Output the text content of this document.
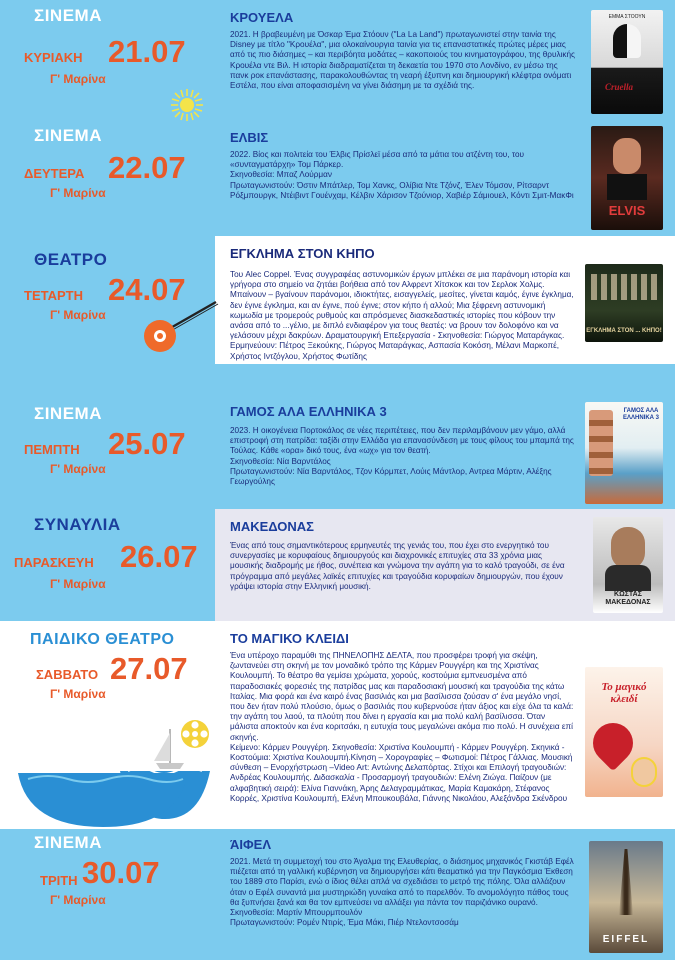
ΣΙΝΕΜΑ
ΚΥΡΙΑΚΗ 21.07
Γ' Μαρίνα
ΚΡΟΥΕΛΑ
2021. Η βραβευμένη με Όσκαρ Έμα Στόουν ("La La Land") πρωταγωνιστεί στην ταινία της Disney με τίτλο "Κρουέλα", μια ολοκαίνουργια ταινία για τις επαναστατικές πρώτες μέρες μιας από τις πιο διάσημες – και περιβόητα μοδάτες – κακοποιούς του κινηματογράφου, της θρυλικής Κρουέλα ντε Βιλ. Η ιστορία διαδραματίζεται τη δεκαετία του 1970 στο Λονδίνο, εν μέσω της πανκ ροκ επανάστασης, παρακολουθώντας τη νεαρή έξυπνη και δημιουργική κλέφτρα ονόματι Εστέλα, που είναι αποφασισμένη να γίνει διάσημη με τα σχέδιά της.
ΕΜΜΑ ΣΤΟΟΥΝ
Cruella
ΣΙΝΕΜΑ
ΔΕΥΤΕΡΑ 22.07
Γ' Μαρίνα
ΕΛΒΙΣ
2022. Βίος και πολιτεία του Έλβις Πρίσλεϊ μέσα από τα μάτια του ατζέντη του, του «συνταγματάρχη» Τομ Πάρκερ.
Σκηνοθεσία: Μπαζ Λούρμαν
Πρωταγωνιστούν: Όστιν Μπάτλερ, Τομ Χανκς, Ολίβια Ντε Τζόνζ, Έλεν Τόμσον, Ρίτσαρντ Ρόξμπουργκ, Ντέιβιντ Γουένχαμ, Κέλβιν Χάρισον Τζούνιορ, Χαβιέρ Σάμιουελ, Κόντι Σμιτ-ΜακΦι
ELVIS
ΘΕΑΤΡΟ
ΤΕΤΑΡΤΗ 24.07
Γ' Μαρίνα
ΕΓΚΛΗΜΑ ΣΤΟΝ ΚΗΠΟ
Του Alec Coppel. Ένας συγγραφέας αστυνομικών έργων μπλέκει σε μια παράνομη ιστορία και γρήγορα στο σημείο να ζητάει βοήθεια από τον Αλφρεντ Χίτσκοκ και τον Σερλοκ Χολμς. Μπαίνουν – βγαίνουν παράνομοι, ιδιοκτήτες, εισαγγελείς, μεσίτες, γίνεται καμός, έγινε έγκλημα, δεν έγινε έγκλημα, και αν έγινε, πού έγινε; στον κήπο ή αλλού; Μια ξέφρενη αστυνομική κωμωδία με τρομερούς ρυθμούς και απρόσμενες διασκεδαστικές ιστορίες που κόβουν την ανάσα από το ...γέλιο, με διπλό ενδιαφέρον για τους θεατές: να βρουν τον δολοφόνο και να γελάσουν μέχρι δακρύων. Δραματουργική Επεξεργασία - Σκηνοθεσία: Γιώργος Ματαράγκας.
Ερμηνεύουν: Πέτρος Ξεκούκης, Γιώργος Ματαράγκας, Ασπασία Κοκόση, Μέλανι Μαρκοπέ, Χρήστος Ιντζόγλου, Χρήστος Φωτίδης
ΕΓΚΛΗΜΑ ΣΤΟΝ ... ΚΗΠΟ!
ΣΙΝΕΜΑ
ΠΕΜΠΤΗ 25.07
Γ' Μαρίνα
ΓΑΜΟΣ ΑΛΑ ΕΛΛΗΝΙΚΑ 3
2023. Η οικογένεια Πορτοκάλος σε νέες περιπέτειες, που δεν περιλαμβάνουν μεν γάμο, αλλά επιστροφή στη πατρίδα: ταξίδι στην Ελλάδα για επανασύνδεση με τους φίλους του μπαμπά της Τούλας. Κάθε «ορα» δικό τους, ένα «ωχ» για τον θεατή.
Σκηνοθεσία: Νία Βαρντάλος
Πρωταγωνιστούν: Νία Βαρντάλος, Τζον Κόρμπετ, Λούις Μάντλορ, Αντρεα Μάρτιν, Αλέξης Γεωργούλης
ΓΑΜΟΣ ΑΛΑ ΕΛΛΗΝΙΚΑ 3
ΣΥΝΑΥΛΙΑ
ΠΑΡΑΣΚΕΥΗ 26.07
Γ' Μαρίνα
ΜΑΚΕΔΟΝΑΣ
Ένας από τους σημαντικότερους ερμηνευτές της γενιάς του, που έχει στο ενεργητικό του συνεργασίες με κορυφαίους δημιουργούς και διαχρονικές επιτυχίες στα 33 χρόνια μιας μουσικής διαδρομής με ήθος, συνέπεια και γνώμονα την αγάπη για το καλό τραγούδι, σε ένα πρόγραμμα από μεγάλες λαϊκές επιτυχίες και τραγούδια κορυφαίων δημιουργών, που έχουν γράψει ιστορία στην Ελληνική μουσική.
ΚΩΣΤΑΣ ΜΑΚΕΔΟΝΑΣ
ΠΑΙΔΙΚΟ ΘΕΑΤΡΟ
ΣΑΒΒΑΤΟ 27.07
Γ' Μαρίνα
ΤΟ ΜΑΓΙΚΟ ΚΛΕΙΔΙ
Ένα υπέροχο παραμύθι της ΠΗΝΕΛΟΠΗΣ ΔΕΛΤΑ, που προσφέρει τροφή για σκέψη, ζωντανεύει στη σκηνή με τον μοναδικό τρόπο της Κάρμεν Ρουγγέρη και της Χριστίνας Κουλουμπή. Το θέατρο θα γεμίσει χρώματα, χορούς, κοστούμια εμπνευσμένα από παραδοσιακές φορεσιές της πατρίδας μας και παραδοσιακή μουσική και τραγούδια της κάτω Ιταλίας. Μια φορά και ένα καιρό ένας βασιλιάς και μια βασίλισσα ζούσαν σ' ένα μεγάλο νησί, που δεν ήταν πολύ πλούσιο, όμως ο βασιλιάς που κυβερνούσε ήταν άξιος και είχε όλα τα καλά: την αγάπη του λαού, τα πλούτη που δίνει η εργασία και μια πολύ καλή βασίλισσα. Όταν μάλιστα αποκτούν και ένα κοριτσάκι, η ευτυχία τους μεγαλώνει ακόμα πιο πολύ. Η συνέχεια επί σκηνής.
Κείμενο: Κάρμεν Ρουγγέρη. Σκηνοθεσία: Χριστίνα Κουλουμπή - Κάρμεν Ρουγγέρη. Σκηνικά - Κοστούμια: Χριστίνα Κουλουμπή.Κίνηση – Χορογραφίες – Φωτισμοί: Πέτρος Γάλλιας. Μουσική σύνθεση – Ενορχήστρωση –Video Art: Αντώνης Δελαπόρτας. Στίχοι και Επιλογή τραγουδιών: Ανδρέας Κουλουμπής. Διδασκαλία - Προσαρμογή τραγουδιών: Ελένη Ζιώγα. Παίζουν (με αλφαβητική σειρά): Ελίνα Γιαννάκη, Άρης Δελαγραμμάτικας, Μαρία Καμακάρη, Στέφανος Κορρές, Χριστίνα Κουλουμπή, Ελένη Μπουκουβάλα, Γιάννης Νικολάου, Αλεξάνδρα Σκένδρου
Το μαγικό κλειδί
ΣΙΝΕΜΑ
ΤΡΙΤΗ 30.07
Γ' Μαρίνα
ΆΙΦΕΛ
2021. Μετά τη συμμετοχή του στο Άγαλμα της Ελευθερίας, ο διάσημος μηχανικός Γκιστάβ Εφέλ πιέζεται από τη γαλλική κυβέρνηση να δημιουργήσει κάτι θεαματικό για την Παγκόσμια Έκθεση του 1889 στο Παρίσι, ενώ ο ίδιος θέλει απλά να σχεδιάσει το μετρό της πόλης. Όλα αλλάζουν όταν ο Εφέλ συναντά μια μυστηριώδη γυναίκα από το παρελθόν. Το ανομολόγητο πάθος τους θα ξυπνήσει ξανά και θα τον εμπνεύσει να αλλάξει για πάντα τον παριζιάνικο ουρανό.
Σκηνοθεσία: Μαρτίν Μπουρμπουλόν
Πρωταγωνιστούν: Ρομέν Ντιρίς, Έμα Μάκι, Πιέρ Ντελοντσοσάμ
EIFFEL
